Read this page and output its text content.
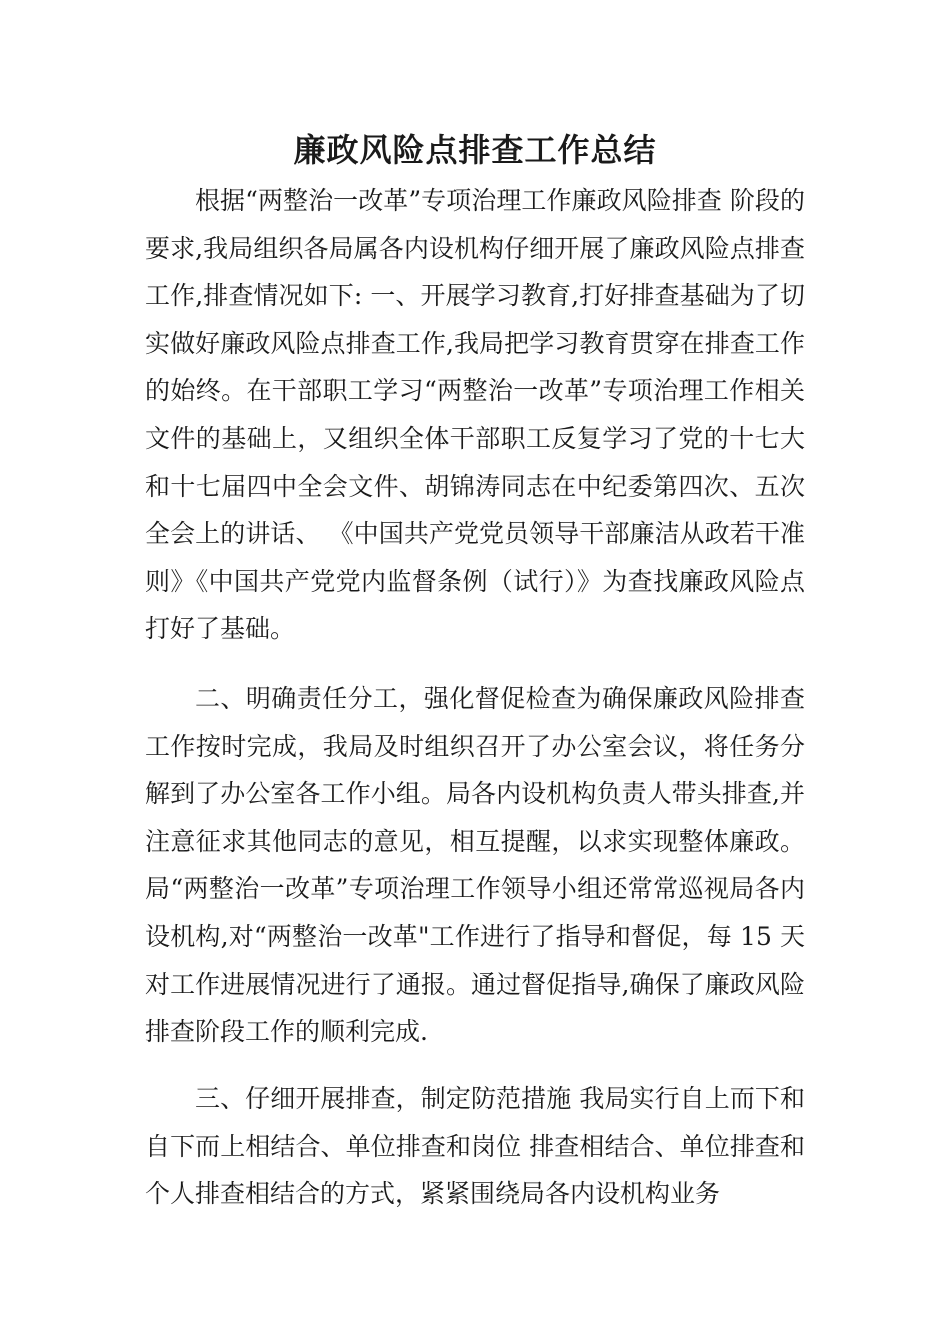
廉政风险点排查工作总结

根据“两整治一改革”专项治理工作廉政风险排查 阶段的要求,我局组织各局属各内设机构仔细开展了廉政风险点排查工作,排查情况如下: 一、开展学习教育,打好排查基础为了切实做好廉政风险点排查工作,我局把学习教育贯穿在排查工作的始终。在干部职工学习“两整治一改革”专项治理工作相关文件的基础上，又组织全体干部职工反复学习了党的十七大和十七届四中全会文件、胡锦涛同志在中纪委第四次、五次全会上的讲话、 《中国共产党党员领导干部廉洁从政若干准则》《中国共产党党内监督条例（试行）》为查找廉政风险点打好了基础。

二、明确责任分工，强化督促检查为确保廉政风险排查工作按时完成，我局及时组织召开了办公室会议，将任务分解到了办公室各工作小组。局各内设机构负责人带头排查,并注意征求其他同志的意见，相互提醒，以求实现整体廉政。局“两整治一改革”专项治理工作领导小组还常常巡视局各内设机构,对“两整治一改革"工作进行了指导和督促，每 15 天对工作进展情况进行了通报。通过督促指导,确保了廉政风险排查阶段工作的顺利完成.

三、仔细开展排查，制定防范措施 我局实行自上而下和自下而上相结合、单位排查和岗位 排查相结合、单位排查和个人排查相结合的方式，紧紧围绕局各内设机构业务
